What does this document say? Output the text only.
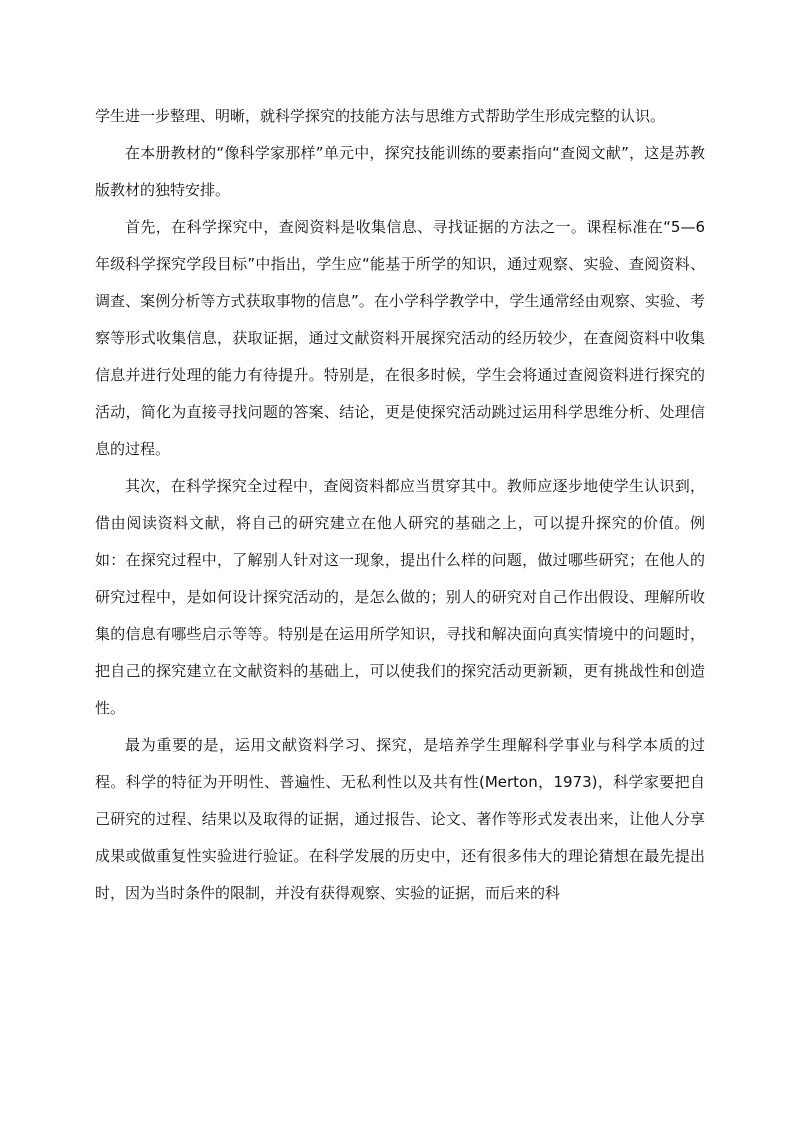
学生进一步整理、明晰，就科学探究的技能方法与思维方式帮助学生形成完整的认识。

在本册教材的“像科学家那样”单元中，探究技能训练的要素指向“查阅文献”，这是苏教版教材的独特安排。

首先，在科学探究中，查阅资料是收集信息、寻找证据的方法之一。课程标准在“5—6年级科学探究学段目标”中指出，学生应“能基于所学的知识，通过观察、实验、查阅资料、调查、案例分析等方式获取事物的信息”。在小学科学教学中，学生通常经由观察、实验、考察等形式收集信息，获取证据，通过文献资料开展探究活动的经历较少，在查阅资料中收集信息并进行处理的能力有待提升。特别是，在很多时候，学生会将通过查阅资料进行探究的活动，简化为直接寻找问题的答案、结论，更是使探究活动跳过运用科学思维分析、处理信息的过程。

其次，在科学探究全过程中，查阅资料都应当贯穿其中。教师应逐步地使学生认识到，借由阅读资料文献，将自己的研究建立在他人研究的基础之上，可以提升探究的价值。例如：在探究过程中，了解别人针对这一现象，提出什么样的问题，做过哪些研究；在他人的研究过程中，是如何设计探究活动的，是怎么做的；别人的研究对自己作出假设、理解所收集的信息有哪些启示等等。特别是在运用所学知识，寻找和解决面向真实情境中的问题时，把自己的探究建立在文献资料的基础上，可以使我们的探究活动更新颖，更有挑战性和创造性。

最为重要的是，运用文献资料学习、探究，是培养学生理解科学事业与科学本质的过程。科学的特征为开明性、普遍性、无私利性以及共有性(Merton，1973)，科学家要把自己研究的过程、结果以及取得的证据，通过报告、论文、著作等形式发表出来，让他人分享成果或做重复性实验进行验证。在科学发展的历史中，还有很多伟大的理论猜想在最先提出时，因为当时条件的限制，并没有获得观察、实验的证据，而后来的科
